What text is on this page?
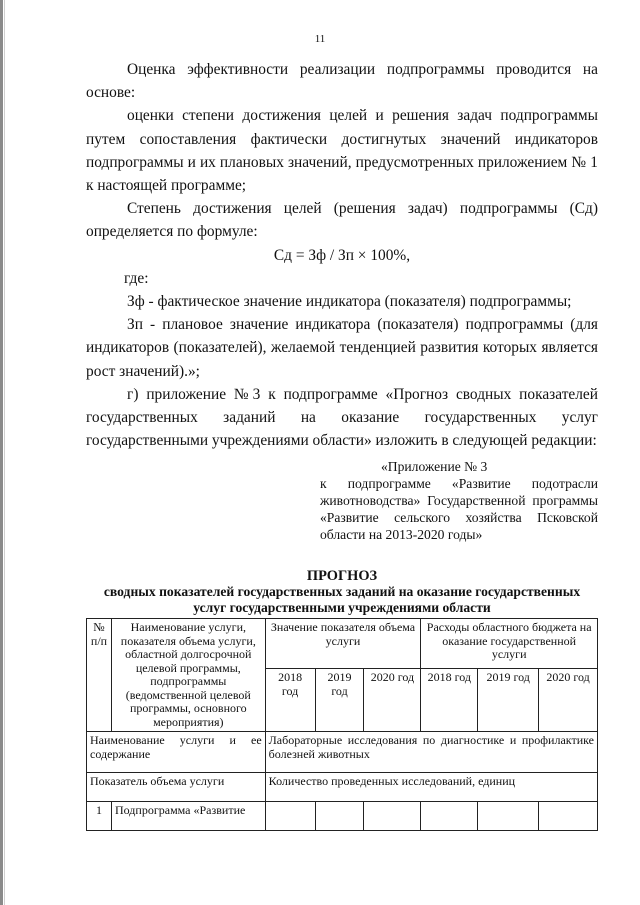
11

Оценка эффективности реализации подпрограммы проводится на основе:

оценки степени достижения целей и решения задач подпрограммы путем сопоставления фактически достигнутых значений индикаторов подпрограммы и их плановых значений, предусмотренных приложением № 1 к настоящей программе;

Степень достижения целей (решения задач) подпрограммы (Сд) определяется по формуле:

Сд = Зф / Зп × 100%,

где:

Зф - фактическое значение индикатора (показателя) подпрограммы;

Зп - плановое значение индикатора (показателя) подпрограммы (для индикаторов (показателей), желаемой тенденцией развития которых является рост значений).»;

г) приложение №3 к подпрограмме «Прогноз сводных показателей государственных заданий на оказание государственных услуг государственными учреждениями области» изложить в следующей редакции:

«Приложение № 3
к подпрограмме «Развитие подотрасли животноводства» Государственной программы «Развитие сельского хозяйства Псковской области на 2013-2020 годы»
ПРОГНОЗ
сводных показателей государственных заданий на оказание государственных услуг государственными учреждениями области
№ п/п	Наименование услуги, показателя объема услуги, областной долгосрочной целевой программы, подпрограммы (ведомственной целевой программы, основного мероприятия)	Значение показателя объема услуги			Расходы областного бюджета на оказание государственной услуги		
		2018 год	2019 год	2020 год	2018 год	2019 год	2020 год
Наименование услуги и ее содержание		Лабораторные исследования по диагностике и профилактике болезней животных					
Показатель объема услуги		Количество проведенных исследований, единиц					
1	Подпрограмма «Развитие						
